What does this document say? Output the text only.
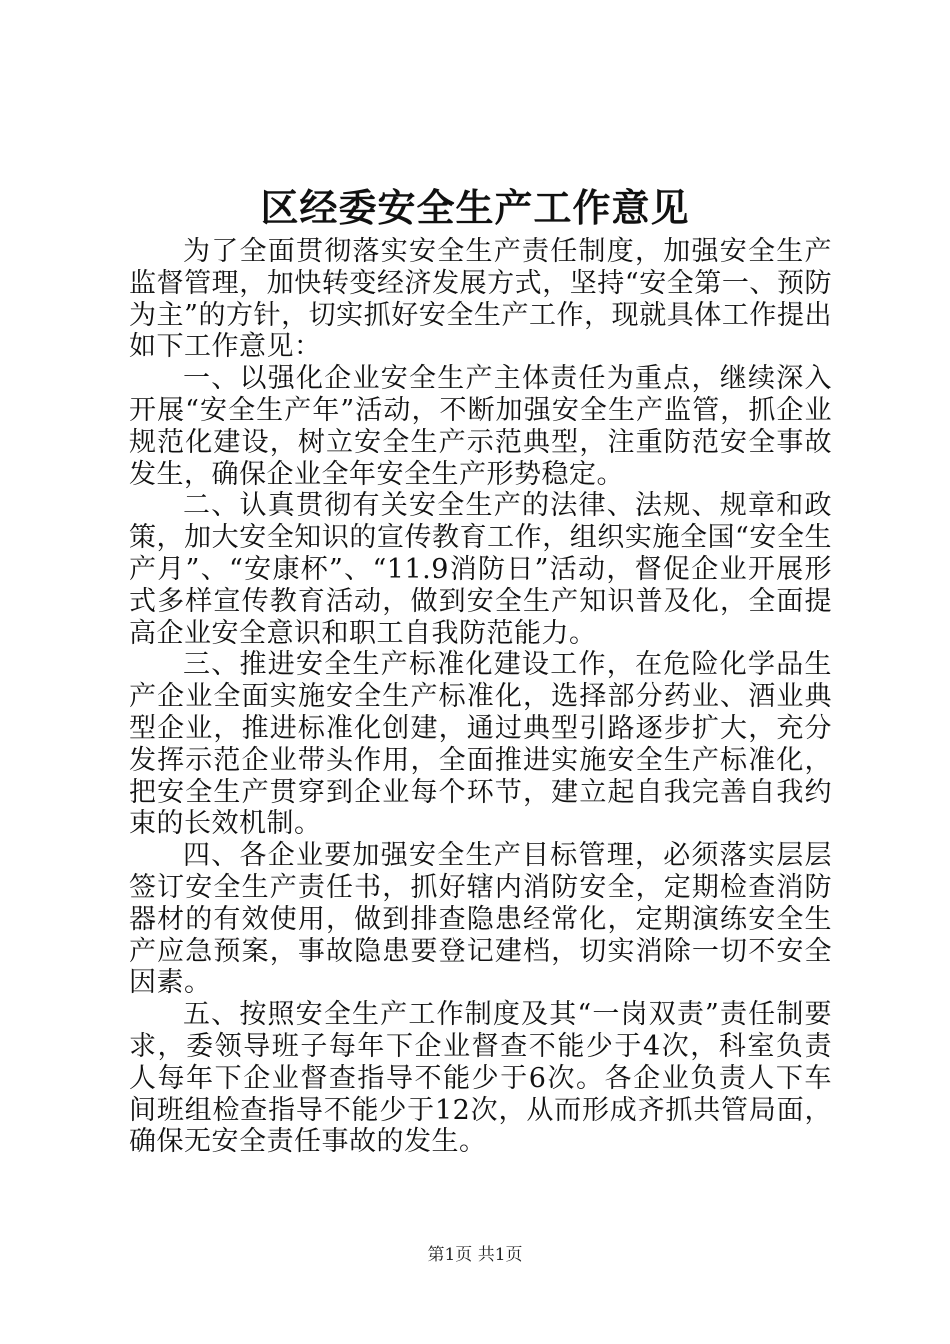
区经委安全生产工作意见

为了全面贯彻落实安全生产责任制度，加强安全生产监督管理，加快转变经济发展方式，坚持“安全第一、预防为主”的方针，切实抓好安全生产工作，现就具体工作提出如下工作意见：

一、以强化企业安全生产主体责任为重点，继续深入开展“安全生产年”活动，不断加强安全生产监管，抓企业规范化建设，树立安全生产示范典型，注重防范安全事故发生，确保企业全年安全生产形势稳定。

二、认真贯彻有关安全生产的法律、法规、规章和政策，加大安全知识的宣传教育工作，组织实施全国“安全生产月”、“安康杯”、“11.9消防日”活动，督促企业开展形式多样宣传教育活动，做到安全生产知识普及化，全面提高企业安全意识和职工自我防范能力。

三、推进安全生产标准化建设工作，在危险化学品生产企业全面实施安全生产标准化，选择部分药业、酒业典型企业，推进标准化创建，通过典型引路逐步扩大，充分发挥示范企业带头作用，全面推进实施安全生产标准化，把安全生产贯穿到企业每个环节，建立起自我完善自我约束的长效机制。

四、各企业要加强安全生产目标管理，必须落实层层签订安全生产责任书，抓好辖内消防安全，定期检查消防器材的有效使用，做到排查隐患经常化，定期演练安全生产应急预案，事故隐患要登记建档，切实消除一切不安全因素。

五、按照安全生产工作制度及其“一岗双责”责任制要求，委领导班子每年下企业督查不能少于4次，科室负责人每年下企业督查指导不能少于6次。各企业负责人下车间班组检查指导不能少于12次，从而形成齐抓共管局面，确保无安全责任事故的发生。

第1页 共1页
